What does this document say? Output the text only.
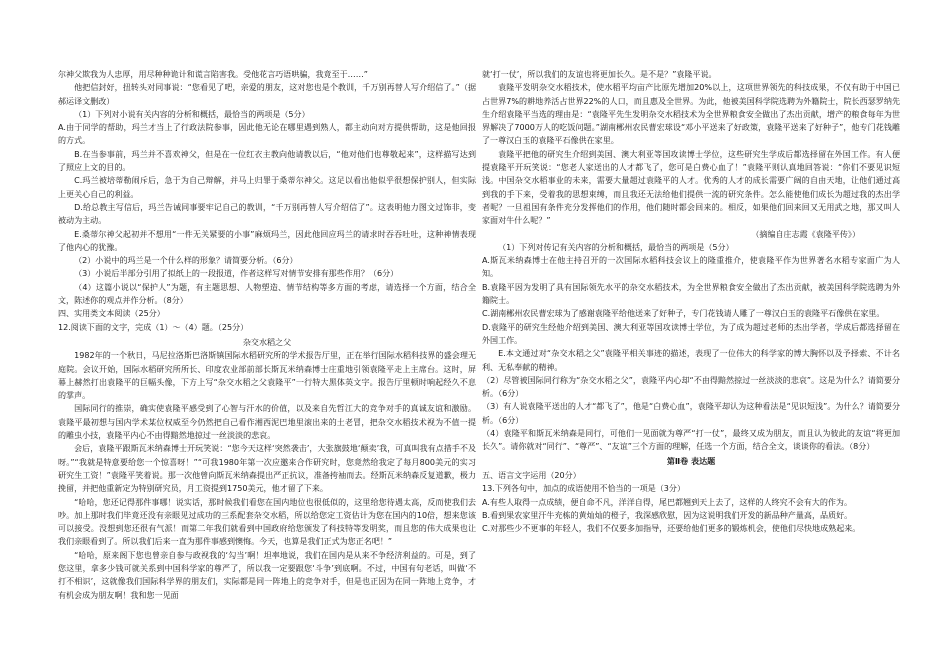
尔神父欺我为人忠厚，用尽种种诡计和谎言陷害我。受他花言巧语哄骗，我竟至于……”

他把信封好，扭转头对同事说：“您看见了吧，亲爱的朋友，这对您也是个教训，千万别再替人写介绍信了。”（据郝运译文删改）

（1）下列对小说有关内容的分析和概括，最恰当的两项是（5分）

A.由于同学的帮助，玛兰才当上了行政法院参事，因此他无论在哪里遇到熟人，都主动向对方提供帮助，这是他回报的方式。

B.在当参事前，玛兰并不喜欢神父，但是在一位红衣主教向他请教以后，“他对他们也尊敬起来”，这样描写达到了照应上文的目的。

C.玛兰被培蒂勒闹斥后，急于为自己辩解，并马上归罪于桑蒂尔神父。这足以看出他似乎很想保护别人，但实际上更关心自己的利益。

D.给总教主写信后，玛兰告诫同事要牢记自己的教训，“千万别再替人写介绍信了”。这表明他力图文过饰非，变被动为主动。

E.桑蒂尔神父起初并不想用“一件无关紧要的小事”麻烦玛兰，因此他回应玛兰的请求时吞吞吐吐，这种神情表现了他内心的犹豫。

（2）小说中的玛兰是一个什么样的形象？请简要分析。（6分）

（3）小说后半部分引用了拟纸上的一段报道，作者这样写对情节安排有那些作用？（6分）

（4）这篇小说以“保护人”为题，有主题思想、人物塑造、情节结构等多方面的考虑，请选择一个方面，结合全文，陈述你的观点并作分析。（8分）

四、实用类文本阅读（25分）

12.阅读下面的文字，完成（1）～（4）题。（25分）

杂交水稻之父

1982年的一个秋日，马尼拉洛斯巴洛斯镇国际水稻研究所的学术报告厅里，正在举行国际水稻科技界的盛会理无庭院。会议开始，国际水稻研究所所长、印度农业部前部长斯瓦米纳森博士庄重地引领袁隆平走上主席台。这时，屏幕上赫然打出袁隆平的巨幅头像，下方上写“杂交水稻之父袁隆平”一行特大黑体英文字。报告厅里顿时响起经久不息的掌声。

国际同行的推崇，确实使袁隆平感受到了心智与汗水的价值，以及来自先哲江大的竞争对手的真诚友谊和激励。袁隆平最初想与国内学术某位权威至今仍然把自己看作湘西泥巴地里滚出来的土老冒，把杂交水稻技术视为不值一提的雕虫小技，袁隆平内心不由得黯然地掠过一丝淡淡的悲哀。

会后，袁隆平跟斯瓦米纳森博士开玩笑说：“您今天这样‘突然袭击’，大张旗鼓地‘颠卖’我，可真叫我有点措手不及呀。”“我就是特意要给您一个惊喜呀！”“可我1980年第一次应邀来合作研究时，您竟然给我定了每月800美元的实习研究生工资！”袁隆平笑着说。那一次他曾向斯瓦米纳森提出严正抗议，准备挎袖而去。经斯瓦米纳森反复道歉，极力挽留，并把他重新定为特别研究员，月工资提到1750美元，他才留了下来。

“哈哈，您还记得那件事哪！说实话，那时候我们看您在国内地位也很低似的，这里给您待遇太高，反而使我们去吵。加上那时我们毕竟还没有亲眼见过成功的三系配套杂交水稻，所以给您定工资估计为您在国内的10倍，想来您该可以接受。没想到您还很有气派！而第二年我们就看到中国政府给您颁发了科技特等发明奖，而且您的伟大成果也让我们亲眼看到了。所以我们后来一直为那件事感到懊悔。今天，也算是我们正式为您正名吧！”

“哈哈，原来阁下您也曾亲自参与政视我的‘勾当’啊！坦率地说，我们在国内是从来不争经济利益的。可是，到了您这里，拿多少钱可就关系到中国科学家的尊严了，所以我一定要跟您‘斗争’到底啊。不过，中国有句老话，叫做‘不打不相识’，这就像我们国际科学界的朋友们，实际都是同一阵地上的竞争对手，但是也正因为在同一阵地上竞争，才有机会成为朋友啊！我和您一见面

就‘打一仗’，所以我们的友谊也将更加长久。是不是？”袁隆平说。

袁隆平发明杂交水稻技术，使水稻平均亩产比原先增加20%以上，这项世界领先的科技成果，不仅有助于中国已占世界7%的耕地养活占世界22%的人口，而且惠及全世界。为此，他被美国科学院选聘为外籍院士，院长西瑟罗纳先生介绍袁隆平当选的理由是：“袁隆平先生发明杂交水稻技术为全世界粮食安全做出了杰出贡献，增产的粮食每年为世界解决了7000万人的吃饭问题。”湖南郴州农民曹宏球设“邓小平送来了好政策，袁隆平送来了好种子”，他专门花钱雕了一尊汉白玉的袁隆平石像供在家里。

袁隆平把他的研究生介绍到美国、澳大利亚等国攻读博士学位，这些研究生学成后都选择留在外国工作。有人便提袁隆平开玩笑说：“您老人家送出的人才都飞了，您可是白费心血了！”袁隆平则认真地回答说：“你们不要见识短浅。中国杂交水稻事业的未来，需要大量超过袁隆平的人才。优秀的人才的成长需要广阔的自由天地，让他们通过高到我的手下来，受着我的思想束缚，而且我还无法给他们提供一流的研究条件。怎么能使他们成长为超过我的杰出学者呢？一旦祖国有条件充分发挥他们的作用，他们随时都会回来的。相反，如果他们回来回又无用武之地，那又叫人家面对牛什么呢？”

（摘编自庄志霞《袁隆平传》）

（1）下列对传记有关内容的分析和概括，最恰当的两项是（5分）

A.斯瓦米纳森博士在他主持召开的一次国际水稻科技会议上的隆重推介，使袁隆平作为世界著名水稻专家面广为人知。

B.袁隆平因为发明了具有国际领先水平的杂交水稻技术，为全世界粮食安全做出了杰出贡献，被美国科学院选聘为外籍院士。

C.湖南郴州农民曹宏球为了感谢袁隆平给他送来了好种子，专门花钱请人雕了一尊汉白玉的袁隆平石像供在家里。

D.袁隆平的研究生经他介绍到美国、澳大利亚等国攻读博士学位，为了成为超过老师的杰出学者，学成后都选择留在外国工作。

E.本文通过对“杂交水稻之父”袁隆平相关事迹的描述，表现了一位伟大的科学家的博大胸怀以及予择索、不计名利、无私奉献的精神。

（2）尽管被国际同行称为“杂交水稻之父”，袁隆平内心却“不由得黯然掠过一丝淡淡的悲哀”。这是为什么？请简要分析。（6分）

（3）有人说袁隆平送出的人才“都飞了”，他是“白费心血”，袁隆平却认为这种看法是“见识短浅”。为什么？请简要分析。（6分）

（4）袁隆平和斯瓦米纳森是同行，可他们一见面就为尊严“打一仗”，最终又成为朋友，而且认为彼此的友谊“将更加长久”。请你就对“同行”、“尊严”、“友谊”三个方面的理解，任选一个方面，结合全文，谈谈你的看法。（8分）

第Ⅱ卷 表达题

五、语言文字运用（20分）

13.下列各句中，加点的成语使用不恰当的一项是（3分）

A.有些人取得一点成绩，便自命不凡，洋洋自得，尾巴都翘到天上去了，这样的人终究不会有大的作为。

B.看到果农家里汗牛充栋的黄灿灿的橙子，我深感欣慰，因为这说明我们开发的新品种产量高，品质好。

C.对那些少不更事的年轻人，我们不仅要多加指导，还要给他们更多的锻炼机会，使他们尽快地成熟起来。
